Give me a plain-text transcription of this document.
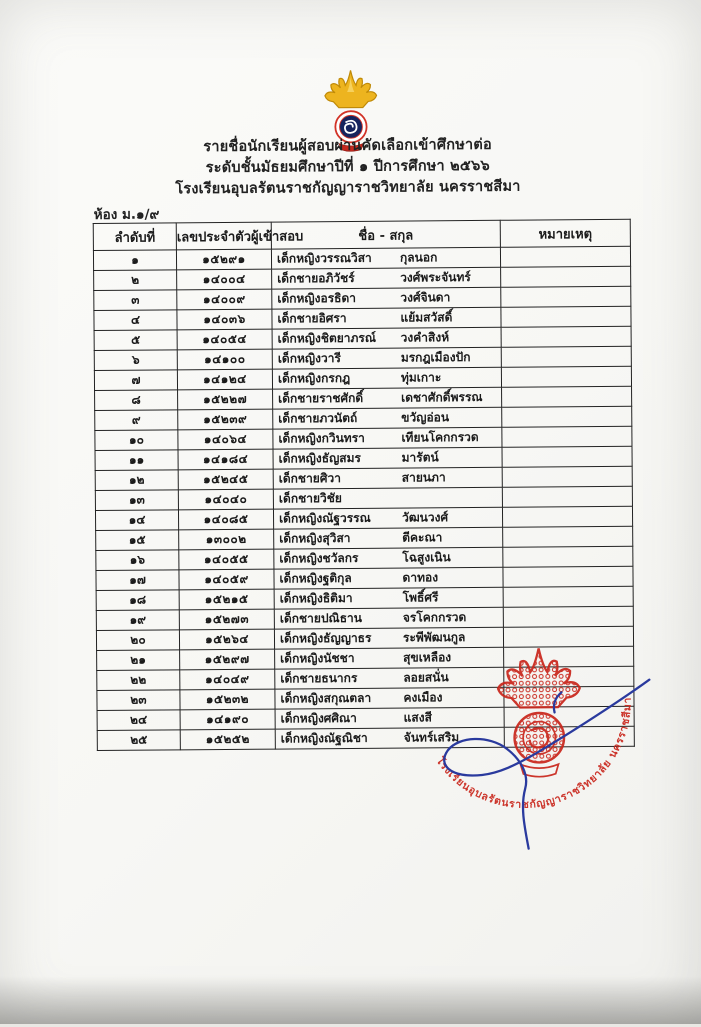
รายชื่อนักเรียนผู้สอบผ่านคัดเลือกเข้าศึกษาต่อ
ระดับชั้นมัธยมศึกษาปีที่ ๑ ปีการศึกษา ๒๕๖๖
โรงเรียนอุบลรัตนราชกัญญาราชวิทยาลัย นครราชสีมา
ห้อง ม.๑/๙
ลำดับที่	เลขประจำตัวผู้เข้าสอบ	ชื่อ - สกุล	หมายเหตุ
๑	๑๕๒๙๑	เด็กหญิงวรรณวิสา กุลนอก	

๒	๑๔๐๐๔	เด็กชายอภิวัชร์ วงศ์พระจันทร์	

๓	๑๔๐๐๙	เด็กหญิงอรธิดา วงศ์จินดา	

๔	๑๔๐๓๖	เด็กชายอิศรา แย้มสวัสดิ์	

๕	๑๔๐๕๔	เด็กหญิงชิตยาภรณ์ วงคำสิงห์	

๖	๑๔๑๐๐	เด็กหญิงวารี มรกฎเมืองปัก	

๗	๑๔๑๒๔	เด็กหญิงกรกฎ ทุ่มเกาะ	

๘	๑๕๒๒๗	เด็กชายราชศักดิ์ เดชาศักดิ์พรรณ	

๙	๑๕๒๓๙	เด็กชายภวนัตถ์ ขวัญอ่อน	

๑๐	๑๔๐๖๔	เด็กหญิงกวินทรา เทียนโคกกรวด	

๑๑	๑๔๑๘๔	เด็กหญิงธัญสมร มารัตน์	

๑๒	๑๕๒๔๕	เด็กชายศิวา สายนภา	

๑๓	๑๔๐๔๐	เด็กชายวิชัย

๑๔	๑๔๐๘๕	เด็กหญิงณัฐวรรณ วัฒนวงศ์	

๑๕	๑๓๐๐๒	เด็กหญิงสุวิสา ตีคะณา	

๑๖	๑๔๐๕๕	เด็กหญิงชวัลกร โฉสูงเนิน	

๑๗	๑๔๐๕๙	เด็กหญิงฐติกุล ดาทอง	

๑๘	๑๕๒๑๕	เด็กหญิงธิติมา โพธิ์ศรี	

๑๙	๑๕๒๗๓	เด็กชายปณิธาน จรโคกกรวด	

๒๐	๑๕๒๖๔	เด็กหญิงธัญญาธร ระพีพัฒนกูล	

๒๑	๑๕๒๙๗	เด็กหญิงนัชชา สุขเหลือง	

๒๒	๑๔๐๔๙	เด็กชายธนากร ลอยสนั่น	

๒๓	๑๕๒๓๒	เด็กหญิงสกุณตลา คงเมือง	

๒๔	๑๔๑๙๐	เด็กหญิงศศิณา แสงสี	

๒๕	๑๕๒๕๒	เด็กหญิงณัฐณิชา จันทร์เสริม	

โรงเรียนอุบลรัตนราชกัญญาราชวิทยาลัย นครราชสีมา
